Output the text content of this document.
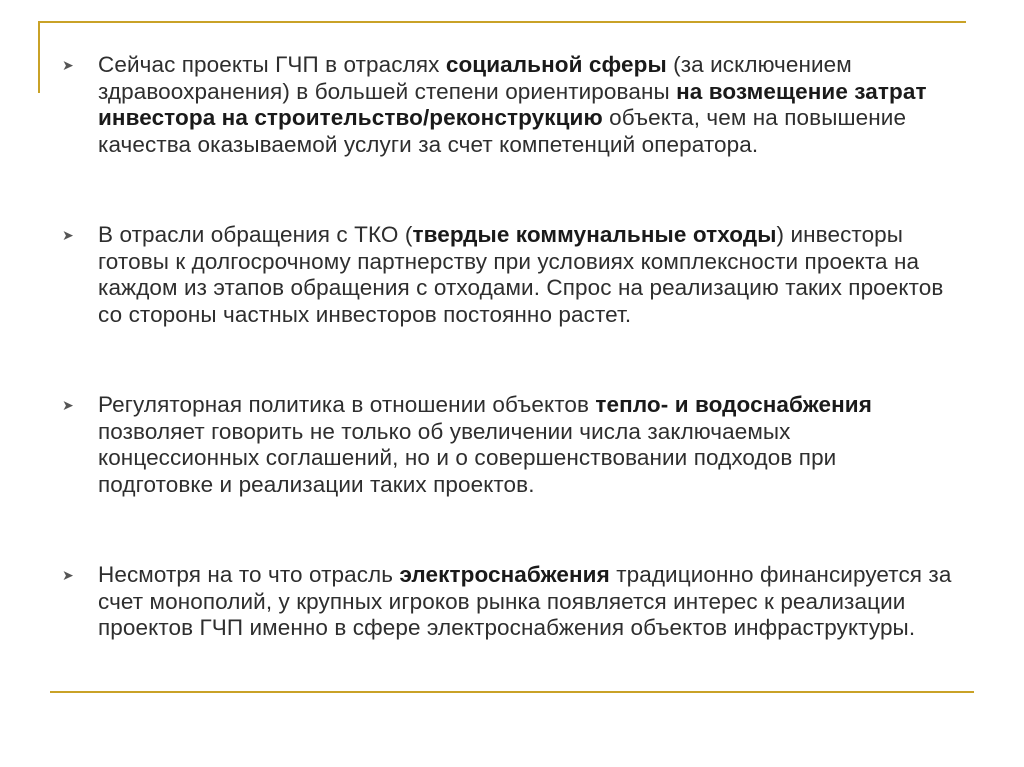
➤ Сейчас проекты ГЧП в отраслях социальной сферы (за исключением здравоохранения) в большей степени ориентированы на возмещение затрат инвестора на строительство/реконструкцию объекта, чем на повышение качества оказываемой услуги за счет компетенций оператора.
➤ В отрасли обращения с ТКО (твердые коммунальные отходы) инвесторы готовы к долгосрочному партнерству при условиях комплексности проекта на каждом из этапов обращения с отходами. Спрос на реализацию таких проектов со стороны частных инвесторов постоянно растет.
➤ Регуляторная политика в отношении объектов тепло- и водоснабжения позволяет говорить не только об увеличении числа заключаемых концессионных соглашений, но и о совершенствовании подходов при подготовке и реализации таких проектов.
➤ Несмотря на то что отрасль электроснабжения традиционно финансируется за счет монополий, у крупных игроков рынка появляется интерес к реализации проектов ГЧП именно в сфере электроснабжения объектов инфраструктуры.
